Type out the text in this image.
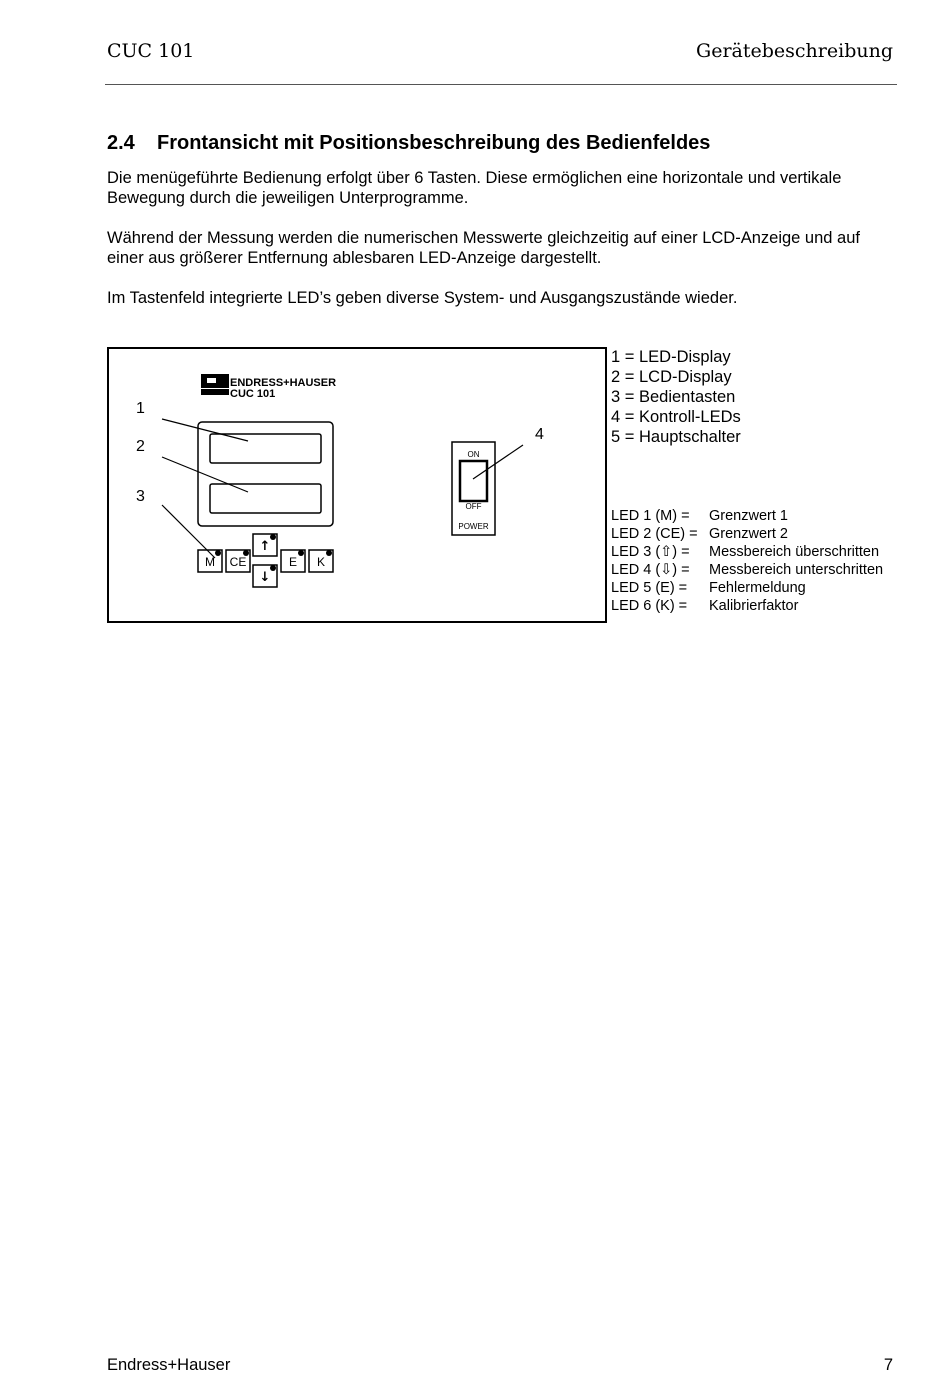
CUC 101	Gerätebeschreibung
2.4 Frontansicht mit Positionsbeschreibung des Bedienfeldes

Die menügeführte Bedienung erfolgt über 6 Tasten. Diese ermöglichen eine horizontale und vertikale Bewegung durch die jeweiligen Unterprogramme.

Während der Messung werden die numerischen Messwerte gleichzeitig auf einer LCD-Anzeige und auf einer aus größerer Entfernung ablesbaren LED-Anzeige dargestellt.

Im Tastenfeld integrierte LED’s geben diverse System- und Ausgangszustände wieder.

ENDRESS+HAUSER
CUC 101
1
2
3
4
M CE
↑
↓
E K
ON
OFF
POWER
1 = LED-Display
2 = LCD-Display
3 = Bedientasten
4 = Kontroll-LEDs
5 = Hauptschalter
LED 1 (M) = Grenzwert 1
LED 2 (CE) = Grenzwert 2
LED 3 (⇧) = Messbereich überschritten
LED 4 (⇩) = Messbereich unterschritten
LED 5 (E) = Fehlermeldung
LED 6 (K) = Kalibrierfaktor
Endress+Hauser	7
